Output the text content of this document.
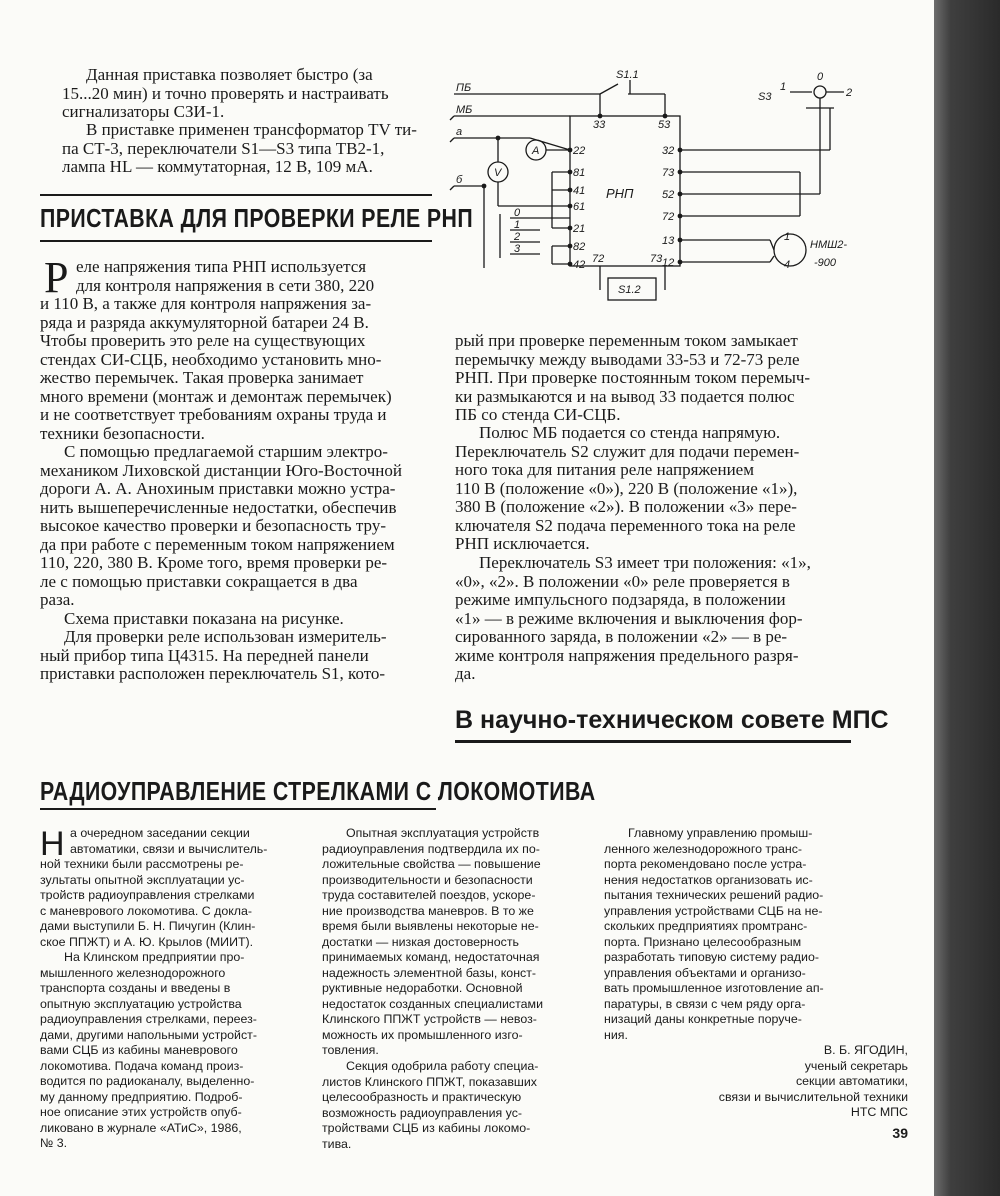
Данная приставка позволяет быстро (за
15...20 мин) и точно проверять и настраивать
сигнализаторы СЗИ-1.
В приставке применен трансформатор TV ти-
па СТ-3, переключатели S1—S3 типа ТВ2-1,
лампа HL — коммутаторная, 12 В, 109 мА.
ПРИСТАВКА ДЛЯ ПРОВЕРКИ РЕЛЕ РНП
Р еле напряжения типа РНП используется
для контроля напряжения в сети 380, 220
и 110 В, а также для контроля напряжения за-
ряда и разряда аккумуляторной батареи 24 В.
Чтобы проверить это реле на существующих
стендах СИ-СЦБ, необходимо установить мно-
жество перемычек. Такая проверка занимает
много времени (монтаж и демонтаж перемычек)
и не соответствует требованиям охраны труда и
техники безопасности.
С помощью предлагаемой старшим электро-
механиком Лиховской дистанции Юго-Восточной
дороги А. А. Анохиным приставки можно устра-
нить вышеперечисленные недостатки, обеспечив
высокое качество проверки и безопасность тру-
да при работе с переменным током напряжением
110, 220, 380 В. Кроме того, время проверки ре-
ле с помощью приставки сокращается в два
раза.
Схема приставки показана на рисунке.
Для проверки реле использован измеритель-
ный прибор типа Ц4315. На передней панели
приставки расположен переключатель S1, кото-
рый при проверке переменным током замыкает
перемычку между выводами 33-53 и 72-73 реле
РНП. При проверке постоянным током перемыч-
ки размыкаются и на вывод 33 подается полюс
ПБ со стенда СИ-СЦБ.
Полюс МБ подается со стенда напрямую.
Переключатель S2 служит для подачи перемен-
ного тока для питания реле напряжением
110 В (положение «0»), 220 В (положение «1»),
380 В (положение «2»). В положении «3» пере-
ключателя S2 подача переменного тока на реле
РНП исключается.
Переключатель S3 имеет три положения: «1»,
«0», «2». В положении «0» реле проверяется в
режиме импульсного подзаряда, в положении
«1» — в режиме включения и выключения фор-
сированного заряда, в положении «2» — в ре-
жиме контроля напряжения предельного разря-
да.
ПБ
МБ
а
б
S1.1
S1.2
S3
1
0
2
РНП
А
V
НМШ2-
-900
1
4
0
1
2
3
22
81
41
61
21
82
42
32
73
52
72
13
12
33	53
72	73
В научно-техническом совете МПС
РАДИОУПРАВЛЕНИЕ СТРЕЛКАМИ С ЛОКОМОТИВА
Н а очередном заседании секции
автоматики, связи и вычислитель-
ной техники были рассмотрены ре-
зультаты опытной эксплуатации ус-
тройств радиоуправления стрелками
с маневрового локомотива. С докла-
дами выступили Б. Н. Пичугин (Клин-
ское ППЖТ) и А. Ю. Крылов (МИИТ).
На Клинском предприятии про-
мышленного железнодорожного
транспорта созданы и введены в
опытную эксплуатацию устройства
радиоуправления стрелками, переез-
дами, другими напольными устройст-
вами СЦБ из кабины маневрового
локомотива. Подача команд произ-
водится по радиоканалу, выделенно-
му данному предприятию. Подроб-
ное описание этих устройств опуб-
ликовано в журнале «АТиС», 1986,
№ 3.
Опытная эксплуатация устройств
радиоуправления подтвердила их по-
ложительные свойства — повышение
производительности и безопасности
труда составителей поездов, ускоре-
ние производства маневров. В то же
время были выявлены некоторые не-
достатки — низкая достоверность
принимаемых команд, недостаточная
надежность элементной базы, конст-
руктивные недоработки. Основной
недостаток созданных специалистами
Клинского ППЖТ устройств — невоз-
можность их промышленного изго-
товления.
Секция одобрила работу специа-
листов Клинского ППЖТ, показавших
целесообразность и практическую
возможность радиоуправления ус-
тройствами СЦБ из кабины локомо-
тива.
Главному управлению промыш-
ленного железнодорожного транс-
порта рекомендовано после устра-
нения недостатков организовать ис-
пытания технических решений радио-
управления устройствами СЦБ на не-
скольких предприятиях промтранс-
порта. Признано целесообразным
разработать типовую систему радио-
управления объектами и организо-
вать промышленное изготовление ап-
паратуры, в связи с чем ряду орга-
низаций даны конкретные поруче-
ния.
В. Б. ЯГОДИН,
ученый секретарь
секции автоматики,
связи и вычислительной техники
НТС МПС
39
